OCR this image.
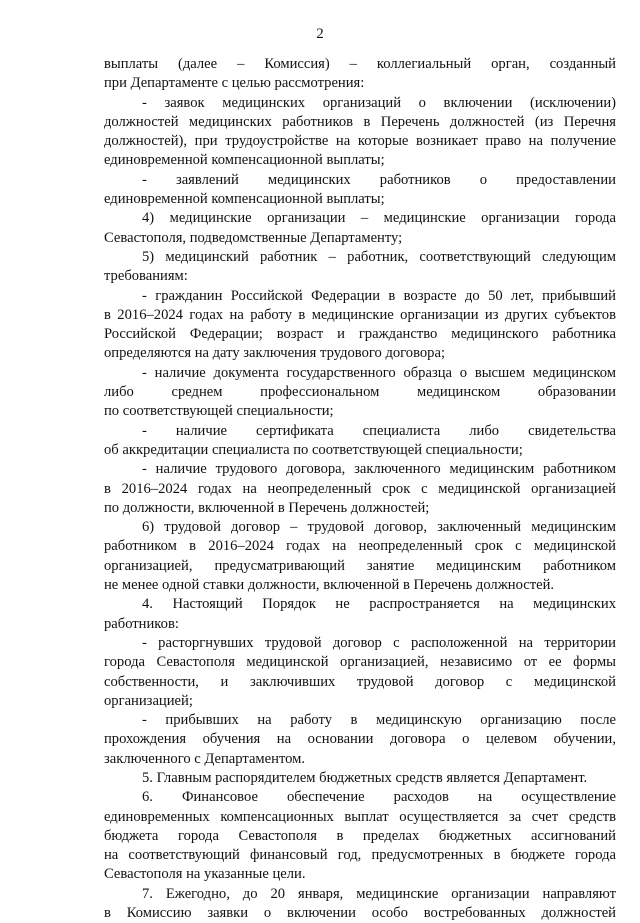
2
выплаты (далее – Комиссия) – коллегиальный орган, созданный
при Департаменте с целью рассмотрения:
- заявок медицинских организаций о включении (исключении)
должностей медицинских работников в Перечень должностей (из Перечня
должностей), при трудоустройстве на которые возникает право на получение
единовременной компенсационной выплаты;
- заявлений медицинских работников о предоставлении
единовременной компенсационной выплаты;
4) медицинские организации – медицинские организации города
Севастополя, подведомственные Департаменту;
5) медицинский работник – работник, соответствующий следующим
требованиям:
- гражданин Российской Федерации в возрасте до 50 лет, прибывший
в 2016–2024 годах на работу в медицинские организации из других субъектов
Российской Федерации; возраст и гражданство медицинского работника
определяются на дату заключения трудового договора;
- наличие документа государственного образца о высшем медицинском
либо среднем профессиональном медицинском образовании
по соответствующей специальности;
- наличие сертификата специалиста либо свидетельства
об аккредитации специалиста по соответствующей специальности;
- наличие трудового договора, заключенного медицинским работником
в 2016–2024 годах на неопределенный срок с медицинской организацией
по должности, включенной в Перечень должностей;
6) трудовой договор – трудовой договор, заключенный медицинским
работником в 2016–2024 годах на неопределенный срок с медицинской
организацией, предусматривающий занятие медицинским работником
не менее одной ставки должности, включенной в Перечень должностей.
4. Настоящий Порядок не распространяется на медицинских
работников:
- расторгнувших трудовой договор с расположенной на территории
города Севастополя медицинской организацией, независимо от ее формы
собственности, и заключивших трудовой договор с медицинской
организацией;
- прибывших на работу в медицинскую организацию после
прохождения обучения на основании договора о целевом обучении,
заключенного с Департаментом.
5. Главным распорядителем бюджетных средств является Департамент.
6. Финансовое обеспечение расходов на осуществление
единовременных компенсационных выплат осуществляется за счет средств
бюджета города Севастополя в пределах бюджетных ассигнований
на соответствующий финансовый год, предусмотренных в бюджете города
Севастополя на указанные цели.
7. Ежегодно, до 20 января, медицинские организации направляют
в Комиссию заявки о включении особо востребованных должностей
